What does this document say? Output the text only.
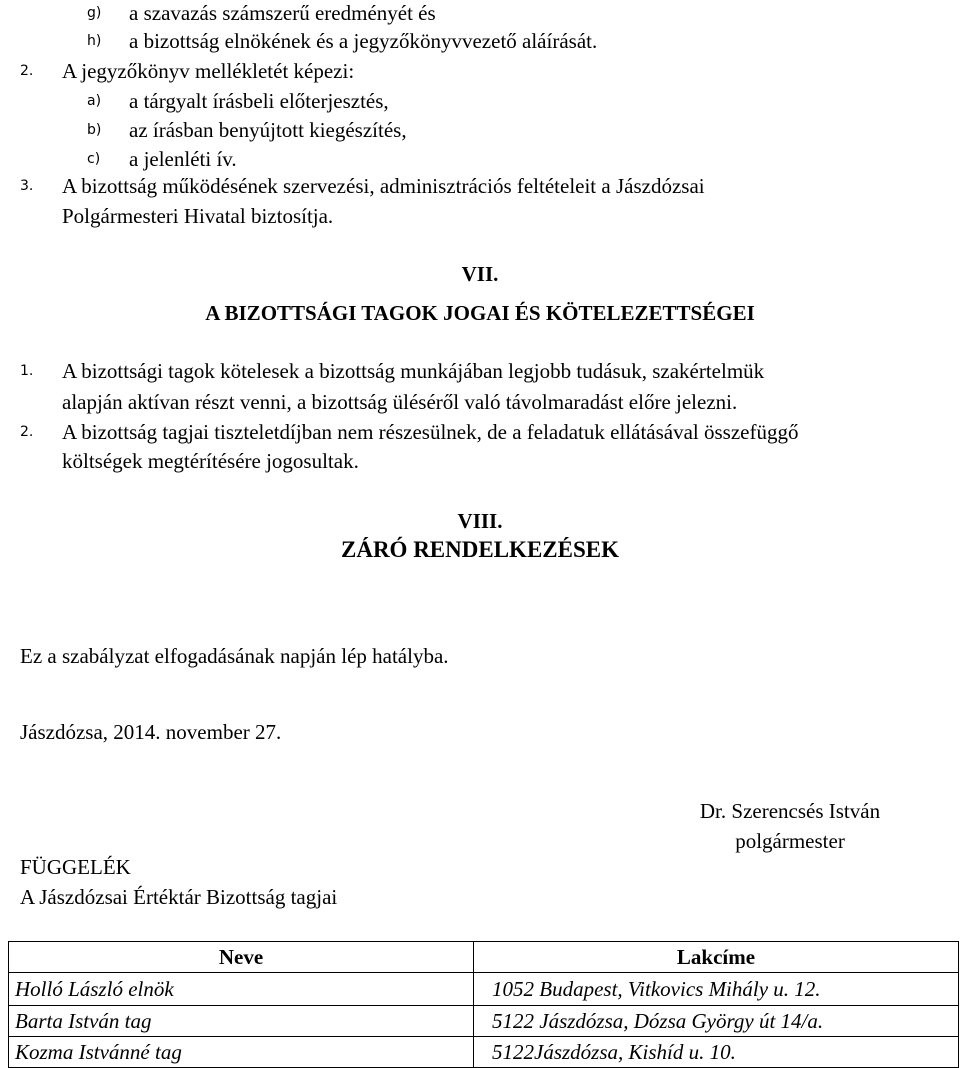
g) a szavazás számszerű eredményét és
h) a bizottság elnökének és a jegyzőkönyvvezető aláírását.
2. A jegyzőkönyv mellékletét képezi:
a) a tárgyalt írásbeli előterjesztés,
b) az írásban benyújtott kiegészítés,
c) a jelenléti ív.
3. A bizottság működésének szervezési, adminisztrációs feltételeit a Jászdózsai
Polgármesteri Hivatal biztosítja.
VII.
A BIZOTTSÁGI TAGOK JOGAI ÉS KÖTELEZETTSÉGEI
1. A bizottsági tagok kötelesek a bizottság munkájában legjobb tudásuk, szakértelmük
alapján aktívan részt venni, a bizottság üléséről való távolmaradást előre jelezni.
2. A bizottság tagjai tiszteletdíjban nem részesülnek, de a feladatuk ellátásával összefüggő
költségek megtérítésére jogosultak.
VIII.
ZÁRÓ RENDELKEZÉSEK
Ez a szabályzat elfogadásának napján lép hatályba.
Jászdózsa, 2014. november 27.
Dr. Szerencsés István
polgármester
FÜGGELÉK
A Jászdózsai Értéktár Bizottság tagjai
Neve	Lakcíme
Holló László elnök	1052 Budapest, Vitkovics Mihály u. 12.
Barta István tag	5122 Jászdózsa, Dózsa György út 14/a.
Kozma Istvánné tag	5122Jászdózsa, Kishíd u. 10.
